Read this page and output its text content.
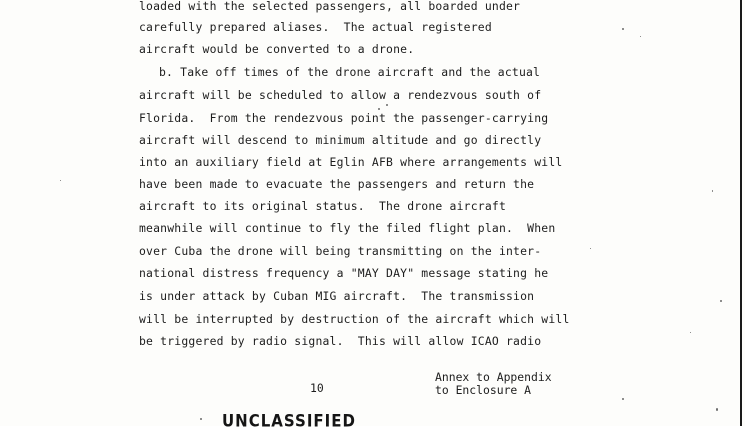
loaded with the selected passengers, all boarded under
carefully prepared aliases.  The actual registered
aircraft would be converted to a drone.
b. Take off times of the drone aircraft and the actual
aircraft will be scheduled to allow a rendezvous south of
Florida.  From the rendezvous point the passenger-carrying
aircraft will descend to minimum altitude and go directly
into an auxiliary field at Eglin AFB where arrangements will
have been made to evacuate the passengers and return the
aircraft to its original status.  The drone aircraft
meanwhile will continue to fly the filed flight plan.  When
over Cuba the drone will being transmitting on the inter-
national distress frequency a "MAY DAY" message stating he
is under attack by Cuban MIG aircraft.  The transmission
will be interrupted by destruction of the aircraft which will
be triggered by radio signal.  This will allow ICAO radio
10
Annex to Appendix
to Enclosure A
UNCLASSIFIED
